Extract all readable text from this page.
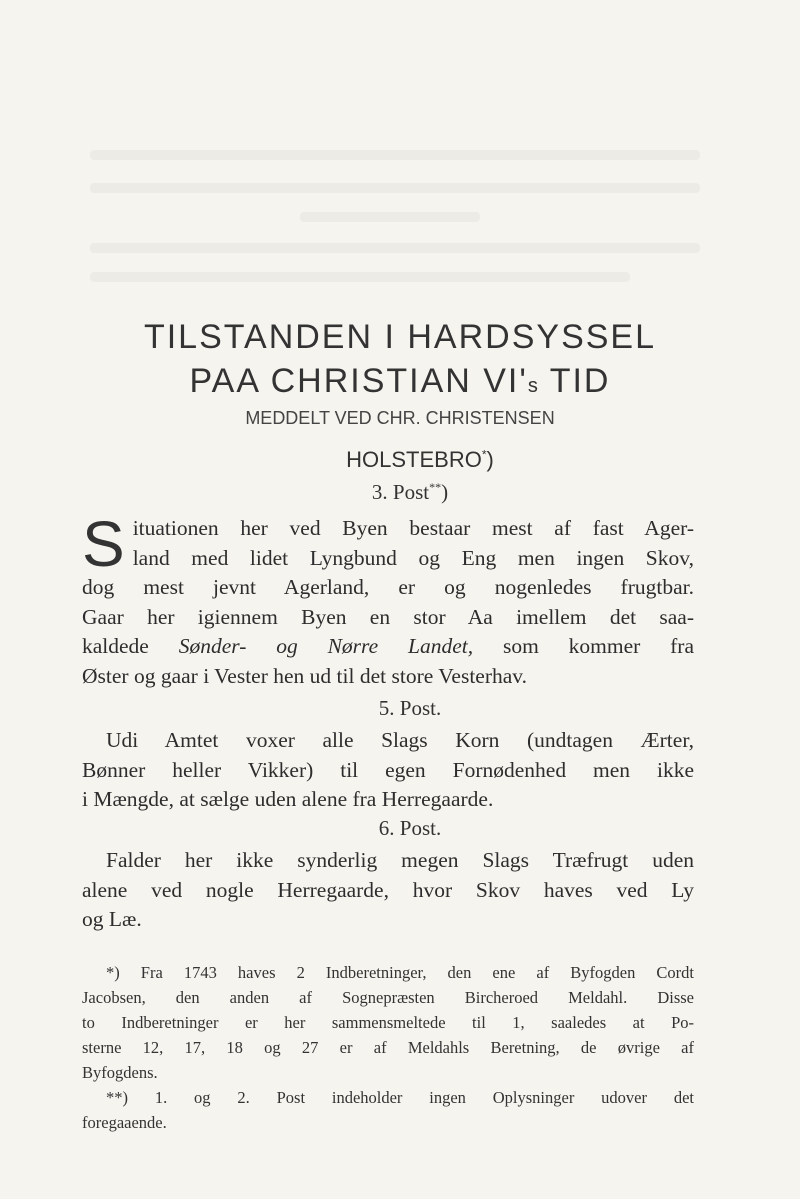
TILSTANDEN I HARDSYSSEL
PAA CHRISTIAN VI's TID
MEDDELT VED CHR. CHRISTENSEN
HOLSTEBRO*)
3. Post**)
S ituationen her ved Byen bestaar mest af fast Ager-
land med lidet Lyngbund og Eng men ingen Skov,
dog mest jevnt Agerland, er og nogenledes frugtbar.
Gaar her igiennem Byen en stor Aa imellem det saa-
kaldede Sønder- og Nørre Landet, som kommer fra
Øster og gaar i Vester hen ud til det store Vesterhav.
5. Post.
Udi Amtet voxer alle Slags Korn (undtagen Ærter,
Bønner heller Vikker) til egen Fornødenhed men ikke
i Mængde, at sælge uden alene fra Herregaarde.
6. Post.
Falder her ikke synderlig megen Slags Træfrugt uden
alene ved nogle Herregaarde, hvor Skov haves ved Ly
og Læ.
*) Fra 1743 haves 2 Indberetninger, den ene af Byfogden Cordt
Jacobsen, den anden af Sognepræsten Bircheroed Meldahl. Disse
to Indberetninger er her sammensmeltede til 1, saaledes at Po-
sterne 12, 17, 18 og 27 er af Meldahls Beretning, de øvrige af
Byfogdens.
**) 1. og 2. Post indeholder ingen Oplysninger udover det
foregaaende.
